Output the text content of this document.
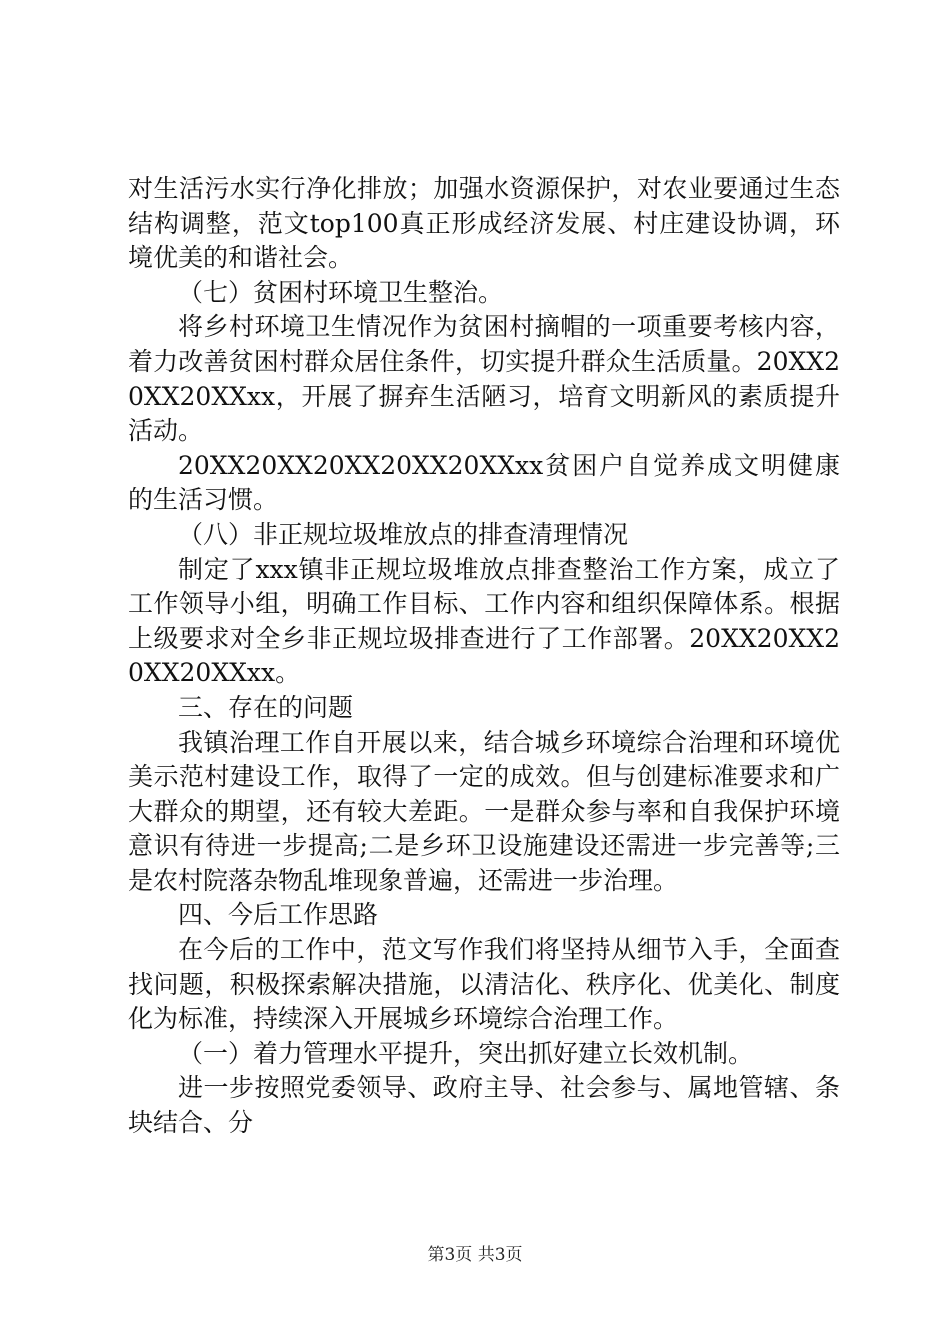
对生活污水实行净化排放；加强水资源保护，对农业要通过生态结构调整，范文top100真正形成经济发展、村庄建设协调，环境优美的和谐社会。

（七）贫困村环境卫生整治。

将乡村环境卫生情况作为贫困村摘帽的一项重要考核内容，着力改善贫困村群众居住条件，切实提升群众生活质量。20XX20XX20XXxx，开展了摒弃生活陋习，培育文明新风的素质提升活动。

20XX20XX20XX20XX20XXxx贫困户自觉养成文明健康的生活习惯。

（八）非正规垃圾堆放点的排查清理情况

制定了xxx镇非正规垃圾堆放点排查整治工作方案，成立了工作领导小组，明确工作目标、工作内容和组织保障体系。根据上级要求对全乡非正规垃圾排查进行了工作部署。20XX20XX20XX20XXxx。

三、存在的问题

我镇治理工作自开展以来，结合城乡环境综合治理和环境优美示范村建设工作，取得了一定的成效。但与创建标准要求和广大群众的期望，还有较大差距。一是群众参与率和自我保护环境意识有待进一步提高;二是乡环卫设施建设还需进一步完善等;三是农村院落杂物乱堆现象普遍，还需进一步治理。

四、今后工作思路

在今后的工作中，范文写作我们将坚持从细节入手，全面查找问题，积极探索解决措施，以清洁化、秩序化、优美化、制度化为标准，持续深入开展城乡环境综合治理工作。

（一）着力管理水平提升，突出抓好建立长效机制。

进一步按照党委领导、政府主导、社会参与、属地管辖、条块结合、分

第3页 共3页
